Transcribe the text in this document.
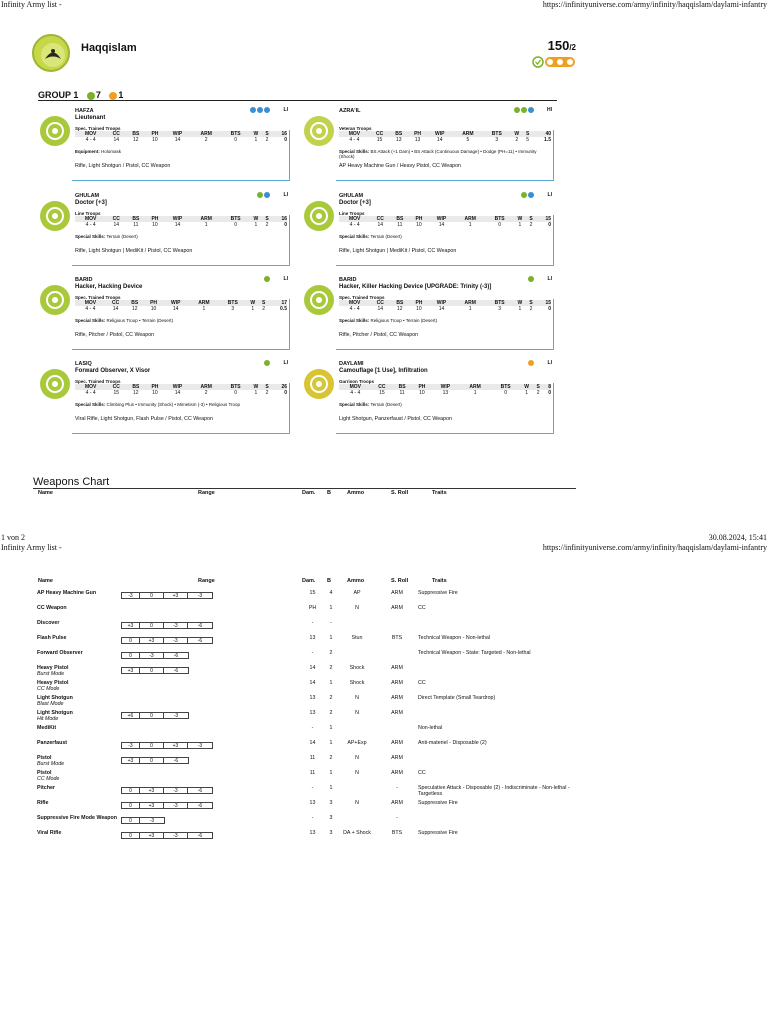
Infinity Army list -	https://infinityuniverse.com/army/infinity/haqqislam/daylami-infantry
Haqqislam	150/2
GROUP 1 7 1
HAFZA
Lieutenant
LI
Spec. Trained Troops
MOV	CC	BS	PH	WIP	ARM	BTS	W	S	16
4 - 4	14	12	10	14	2	0	1	2	0
Equipment: Holomask
Rifle, Light Shotgun / Pistol, CC Weapon
AZRA'IL	HI
Veteran Troops
MOV	CC	BS	PH	WIP	ARM	BTS	W	S	40
4 - 4	15	13	13	14	5	3	2	5	1.5
Special Skills: BS Attack (+1 Dam) • BS Attack (Continuous Damage) • Dodge (PH=11) • Immunity (Shock)
AP Heavy Machine Gun / Heavy Pistol, CC Weapon
GHULAM
Doctor [+3]
LI
Line Troops
MOV	CC	BS	PH	WIP	ARM	BTS	W	S	16
4 - 4	14	11	10	14	1	0	1	2	0
Special Skills: Terrain (Desert)
Rifle, Light Shotgun | MediKit / Pistol, CC Weapon
GHULAM
Doctor [+3]
LI
Line Troops
MOV	CC	BS	PH	WIP	ARM	BTS	W	S	15
4 - 4	14	11	10	14	1	0	1	2	0
Special Skills: Terrain (Desert)
Rifle, Light Shotgun | MediKit / Pistol, CC Weapon
BARID
Hacker, Hacking Device
LI
Spec. Trained Troops
MOV	CC	BS	PH	WIP	ARM	BTS	W	S	17
4 - 4	14	12	10	14	1	3	1	2	0.5
Special Skills: Religious Troop • Terrain (Desert)
Rifle, Pitcher / Pistol, CC Weapon
BARID
Hacker, Killer Hacking Device [UPGRADE: Trinity (-3)]
LI
Spec. Trained Troops
MOV	CC	BS	PH	WIP	ARM	BTS	W	S	15
4 - 4	14	12	10	14	1	3	1	2	0
Special Skills: Religious Troop • Terrain (Desert)
Rifle, Pitcher / Pistol, CC Weapon
LASIQ
Forward Observer, X Visor
LI
Spec. Trained Troops
MOV	CC	BS	PH	WIP	ARM	BTS	W	S	26
4 - 4	15	12	10	14	2	0	1	2	0
Special Skills: Climbing Plus • Immunity (Shock) • Mimetism (-3) • Religious Troop
Viral Rifle, Light Shotgun, Flash Pulse / Pistol, CC Weapon
DAYLAMI
Camouflage [1 Use], Infiltration
LI
Garrison Troops
MOV	CC	BS	PH	WIP	ARM	BTS	W	S	8
4 - 4	15	11	10	13	1	0	1	2	0
Special Skills: Terrain (Desert)
Light Shotgun, Panzerfaust / Pistol, CC Weapon
Weapons Chart
Name	Range	Dam. B	Ammo	S. Roll	Traits
1 von 2	30.08.2024, 15:41
Infinity Army list -	https://infinityuniverse.com/army/infinity/haqqislam/daylami-infantry
Name	Range	Dam. B	Ammo	S. Roll	Traits
AP Heavy Machine Gun	-3 0 +3 -3	15	4	AP	ARM	Suppressive Fire
CC Weapon		PH	1	N	ARM	CC
Discover	+3 0 -3 -6	-	-			
Flash Pulse	0 +3 -3 -6	13	1	Stun	BTS	Technical Weapon - Non-lethal
Forward Observer	0 -3 -6	-	2			Technical Weapon - State: Targeted - Non-lethal
Heavy Pistol
Burst Mode	+3 0 -6	14	2	Shock	ARM	
Heavy Pistol
CC Mode		14	1	Shock	ARM	CC
Light Shotgun
Blast Mode		13	2	N	ARM	Direct Template (Small Teardrop)
Light Shotgun
Hit Mode	+6 0 -3	13	2	N	ARM	
MediKit		-	1			Non-lethal
Panzerfaust	-3 0 +3 -3	14	1	AP+Exp	ARM	Anti-materiel - Disposable (2)
Pistol
Burst Mode	+3 0 -6	11	2	N	ARM	
Pistol
CC Mode		11	1	N	ARM	CC
Pitcher	0 +3 -3 -6	-	1		-	Speculative Attack - Disposable (2) - Indiscriminate - Non-lethal - Targetless
Rifle	0 +3 -3 -6	13	3	N	ARM	Suppressive Fire
Suppressive Fire Mode Weapon	0 -3	-	3		-	
Viral Rifle	0 +3 -3 -6	13	3	DA + Shock	BTS	Suppressive Fire
